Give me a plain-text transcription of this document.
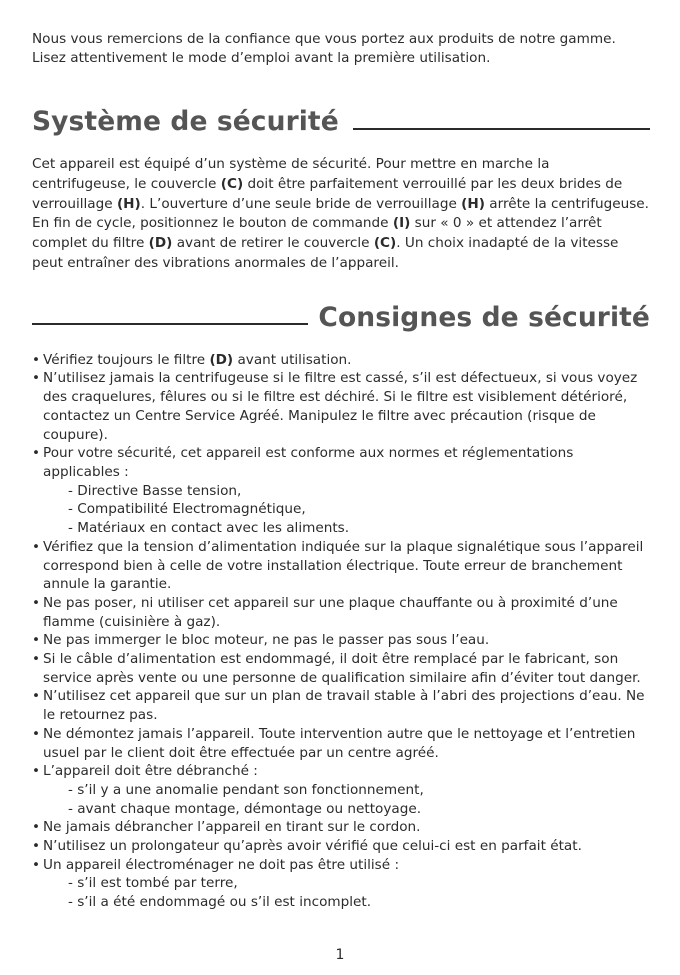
Nous vous remercions de la confiance que vous portez aux produits de notre gamme.

Lisez attentivement le mode d’emploi avant la première utilisation.

Système de sécurité

Cet appareil est équipé d’un système de sécurité. Pour mettre en marche la centrifugeuse, le couvercle (C) doit être parfaitement verrouillé par les deux brides de verrouillage (H). L’ouverture d’une seule bride de verrouillage (H) arrête la centrifugeuse. En fin de cycle, positionnez le bouton de commande (I) sur « 0 » et attendez l’arrêt complet du filtre (D) avant de retirer le couvercle (C). Un choix inadapté de la vitesse peut entraîner des vibrations anormales de l’appareil.

Consignes de sécurité
• Vérifiez toujours le filtre (D) avant utilisation.
• N’utilisez jamais la centrifugeuse si le filtre est cassé, s’il est défectueux, si vous voyez des craquelures, fêlures ou si le filtre est déchiré. Si le filtre est visiblement détérioré, contactez un Centre Service Agréé. Manipulez le filtre avec précaution (risque de coupure).
• Pour votre sécurité, cet appareil est conforme aux normes et réglementations applicables :
- Directive Basse tension,
- Compatibilité Electromagnétique,
- Matériaux en contact avec les aliments.
• Vérifiez que la tension d’alimentation indiquée sur la plaque signalétique sous l’appareil correspond bien à celle de votre installation électrique. Toute erreur de branchement annule la garantie.
• Ne pas poser, ni utiliser cet appareil sur une plaque chauffante ou à proximité d’une flamme (cuisinière à gaz).
• Ne pas immerger le bloc moteur, ne pas le passer pas sous l’eau.
• Si le câble d’alimentation est endommagé, il doit être remplacé par le fabricant, son service après vente ou une personne de qualification similaire afin d’éviter tout danger.
• N’utilisez cet appareil que sur un plan de travail stable à l’abri des projections d’eau. Ne le retournez pas.
• Ne démontez jamais l’appareil. Toute intervention autre que le nettoyage et l’entretien usuel par le client doit être effectuée par un centre agréé.
• L’appareil doit être débranché :
- s’il y a une anomalie pendant son fonctionnement,
- avant chaque montage, démontage ou nettoyage.
• Ne jamais débrancher l’appareil en tirant sur le cordon.
• N’utilisez un prolongateur qu’après avoir vérifié que celui-ci est en parfait état.
• Un appareil électroménager ne doit pas être utilisé :
- s’il est tombé par terre,
- s’il a été endommagé ou s’il est incomplet.
1
